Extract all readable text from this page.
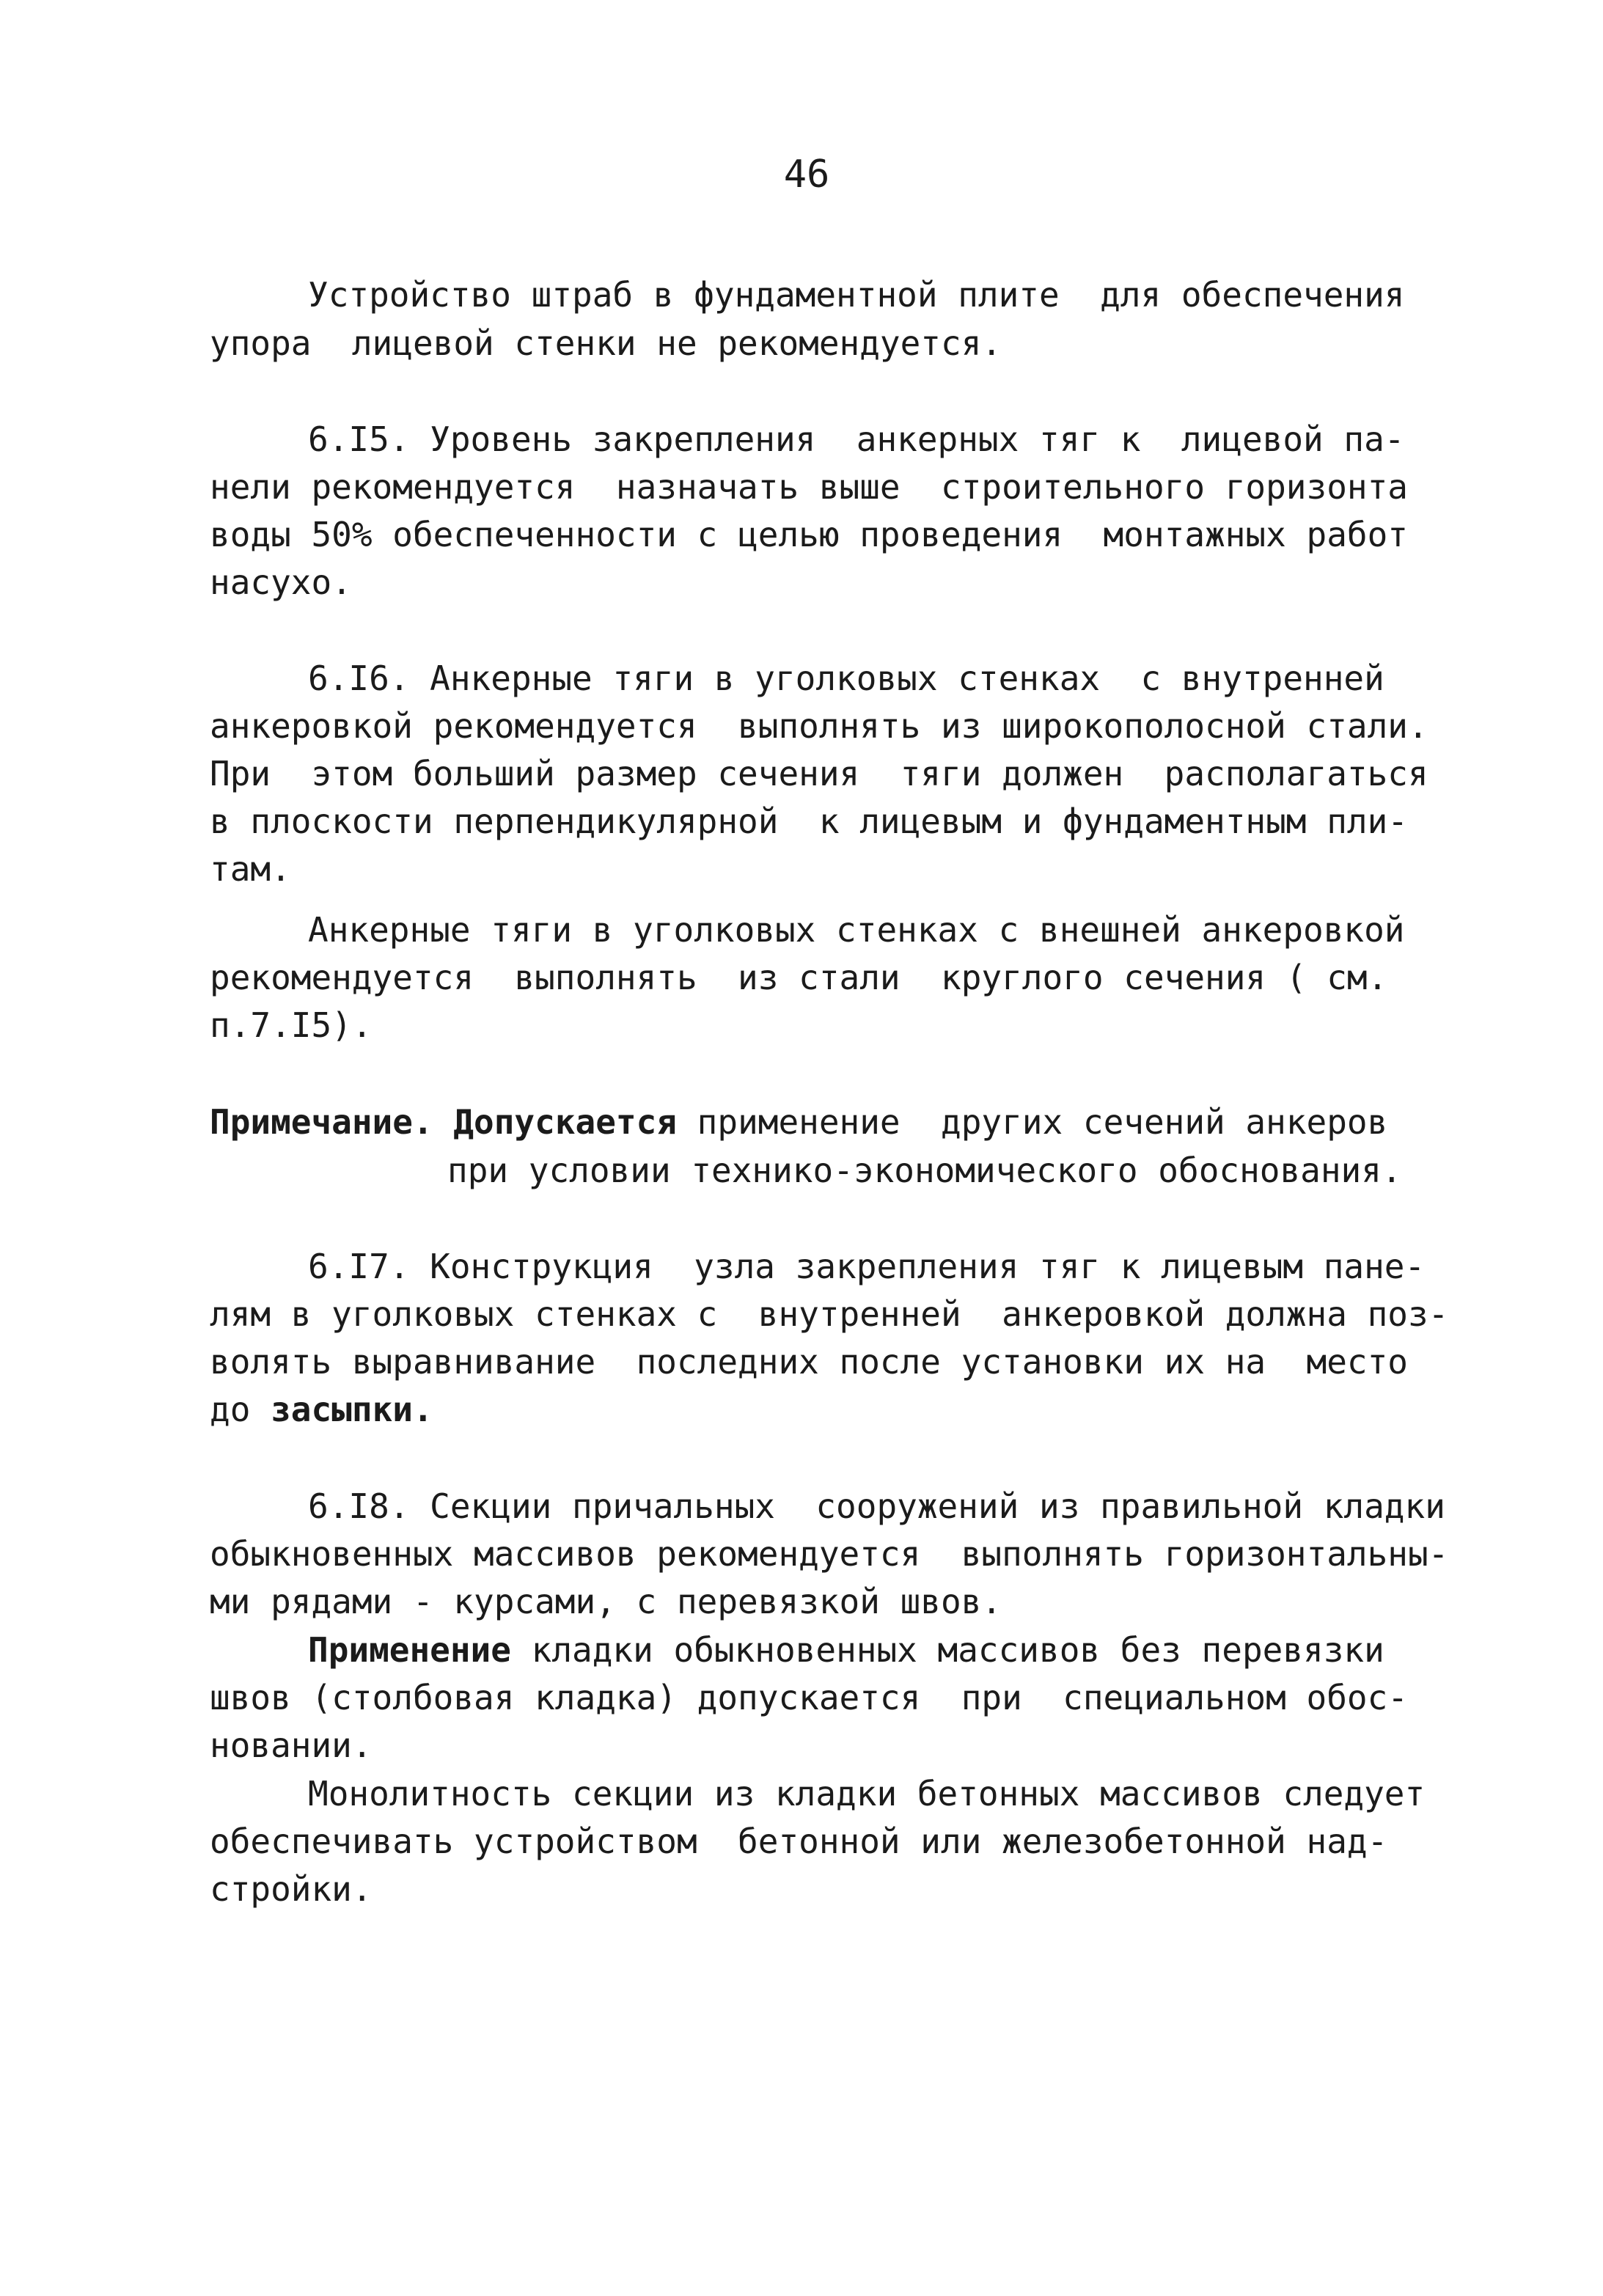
46
Устройство штраб в фундаментной плите  для обеспечения
упора  лицевой стенки не рекомендуется.
6.I5. Уровень закрепления  анкерных тяг к  лицевой па-
нели рекомендуется  назначать выше  строительного горизонта
воды 50% обеспеченности с целью проведения  монтажных работ
насухо.
6.I6. Анкерные тяги в уголковых стенках  с внутренней
анкеровкой рекомендуется  выполнять из широкополосной стали.
При  этом больший размер сечения  тяги должен  располагаться
в плоскости перпендикулярной  к лицевым и фундаментным пли-
там.
Анкерные тяги в уголковых стенках с внешней анкеровкой
рекомендуется  выполнять  из стали  круглого сечения ( см.
п.7.I5).
Примечание. Допускается применение  других сечений анкеров
при условии технико-экономического обоснования.
6.I7. Конструкция  узла закрепления тяг к лицевым пане-
лям в уголковых стенках с  внутренней  анкеровкой должна поз-
волять выравнивание  последних после установки их на  место
до засыпки.
6.I8. Секции причальных  сооружений из правильной кладки
обыкновенных массивов рекомендуется  выполнять горизонтальны-
ми рядами - курсами, с перевязкой швов.
Применение кладки обыкновенных массивов без перевязки
швов (столбовая кладка) допускается  при  специальном обос-
новании.
Монолитность секции из кладки бетонных массивов следует
обеспечивать устройством  бетонной или железобетонной над-
стройки.
